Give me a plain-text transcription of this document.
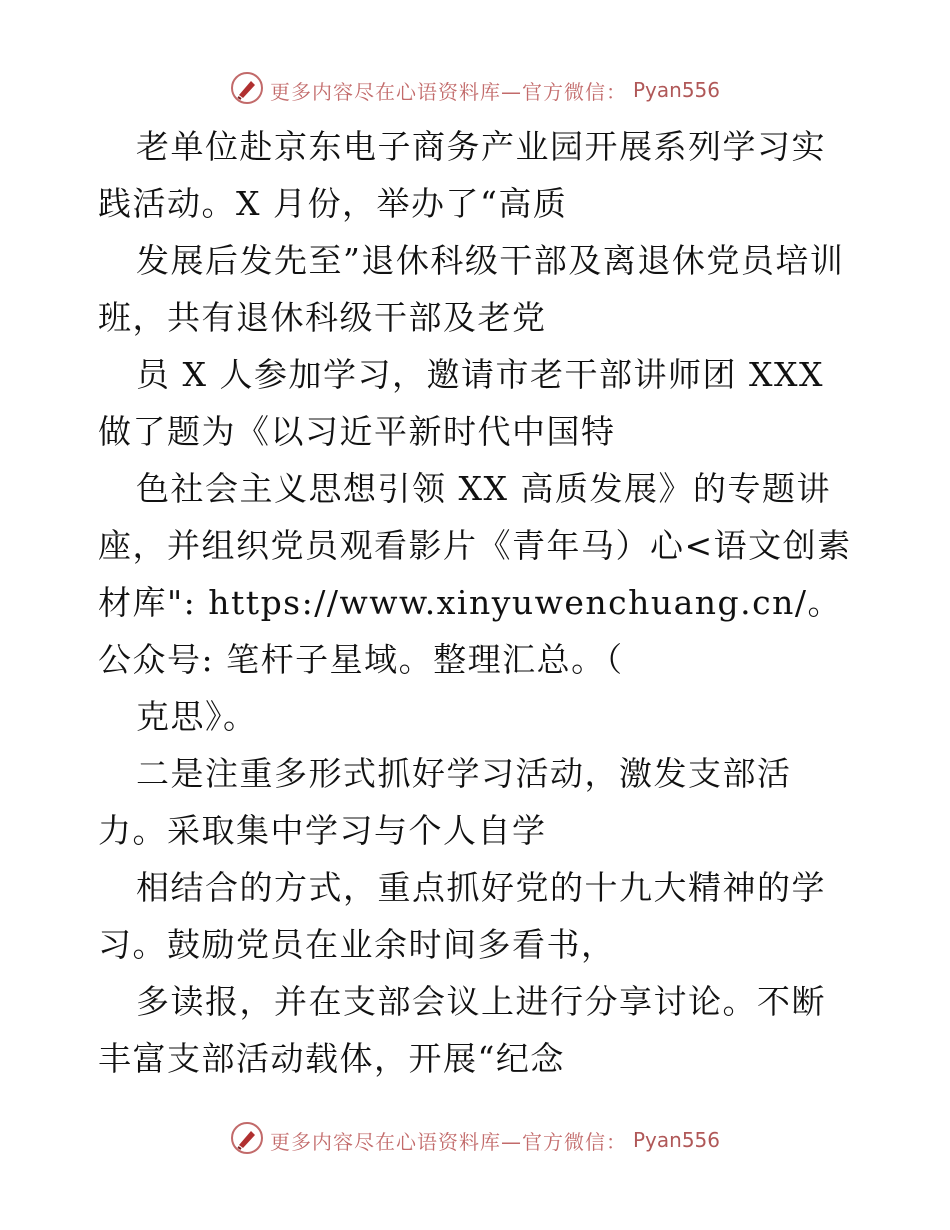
更多内容尽在心语资料库—官方微信： Pyan556

老单位赴京东电子商务产业园开展系列学习实践活动。X 月份，举办了“高质

发展后发先至”退休科级干部及离退休党员培训班，共有退休科级干部及老党

员 X 人参加学习，邀请市老干部讲师团 XXX 做了题为《以习近平新时代中国特

色社会主义思想引领 XX 高质发展》的专题讲座，并组织党员观看影片《青年马）心<语文创素材库": https://www.xinyuwenchuang.cn/。公众号: 笔杆子星域。整理汇总。（

克思》。

二是注重多形式抓好学习活动，激发支部活力。采取集中学习与个人自学

相结合的方式，重点抓好党的十九大精神的学习。鼓励党员在业余时间多看书，

多读报，并在支部会议上进行分享讨论。不断丰富支部活动载体，开展“纪念

更多内容尽在心语资料库—官方微信： Pyan556
